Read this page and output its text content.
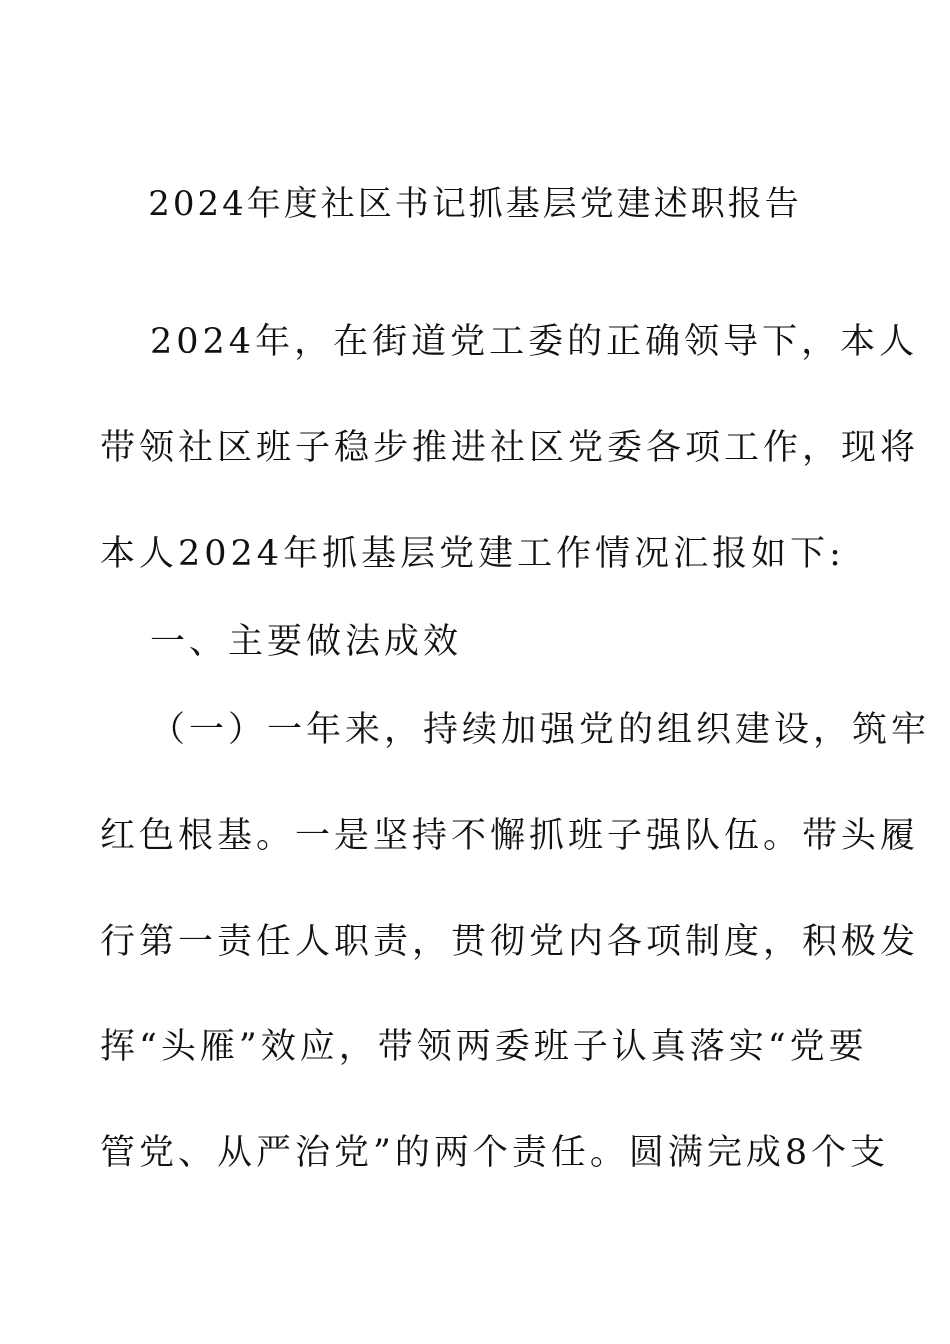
2024年度社区书记抓基层党建述职报告
2024年，在街道党工委的正确领导下，本人
带领社区班子稳步推进社区党委各项工作，现将
本人2024年抓基层党建工作情况汇报如下:
一、主要做法成效
（一）一年来，持续加强党的组织建设，筑牢
红色根基。一是坚持不懈抓班子强队伍。带头履
行第一责任人职责，贯彻党内各项制度，积极发
挥“头雁”效应，带领两委班子认真落实“党要
管党、从严治党”的两个责任。圆满完成8个支
